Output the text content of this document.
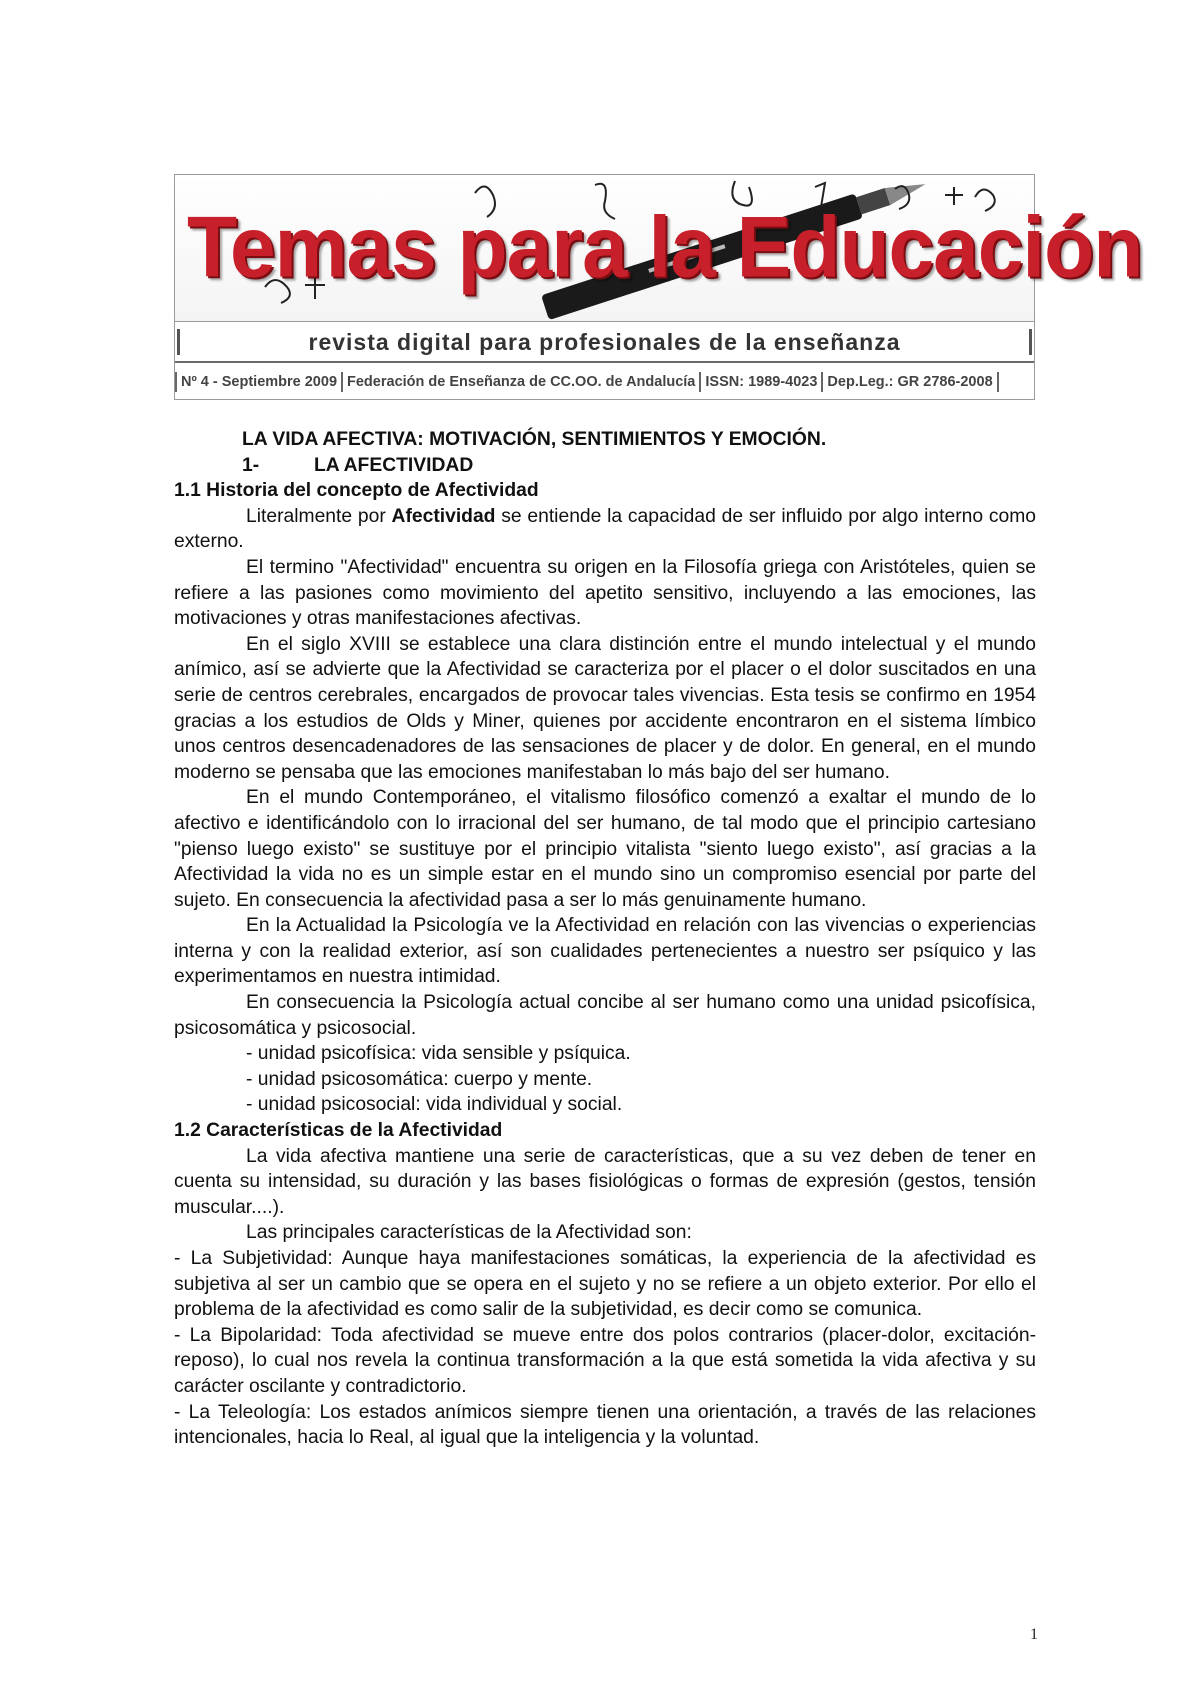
Temas para la Educación
revista digital para profesionales de la enseñanza
Nº 4 - Septiembre 2009 Federación de Enseñanza de CC.OO. de Andalucía ISSN: 1989-4023 Dep.Leg.: GR 2786-2008
LA VIDA AFECTIVA: MOTIVACIÓN, SENTIMIENTOS Y EMOCIÓN.
1-	LA AFECTIVIDAD
1.1 Historia del concepto de Afectividad

Literalmente por Afectividad se entiende la capacidad de ser influido por algo interno como externo.

El termino "Afectividad" encuentra su origen en la Filosofía griega con Aristóteles, quien se refiere a las pasiones como movimiento del apetito sensitivo, incluyendo a las emociones, las motivaciones y otras manifestaciones afectivas.

En el siglo XVIII se establece una clara distinción entre el mundo intelectual y el mundo anímico, así se advierte que la Afectividad se caracteriza por el placer o el dolor suscitados en una serie de centros cerebrales, encargados de provocar tales vivencias. Esta tesis se confirmo en 1954 gracias a los estudios de Olds y Miner, quienes por accidente encontraron en el sistema límbico unos centros desencadenadores de las sensaciones de placer y de dolor. En general, en el mundo moderno se pensaba que las emociones manifestaban lo más bajo del ser humano.

En el mundo Contemporáneo, el vitalismo filosófico comenzó a exaltar el mundo de lo afectivo e identificándolo con lo irracional del ser humano, de tal modo que el principio cartesiano "pienso luego existo" se sustituye por el principio vitalista "siento luego existo", así gracias a la Afectividad la vida no es un simple estar en el mundo sino un compromiso esencial por parte del sujeto. En consecuencia la afectividad pasa a ser lo más genuinamente humano.

En la Actualidad la Psicología ve la Afectividad en relación con las vivencias o experiencias interna y con la realidad exterior, así son cualidades pertenecientes a nuestro ser psíquico y las experimentamos en nuestra intimidad.

En consecuencia la Psicología actual concibe al ser humano como una unidad psicofísica, psicosomática y psicosocial.

- unidad psicofísica: vida sensible y psíquica.

- unidad psicosomática: cuerpo y mente.

- unidad psicosocial: vida individual y social.

1.2 Características de la Afectividad

La vida afectiva mantiene una serie de características, que a su vez deben de tener en cuenta su intensidad, su duración y las bases fisiológicas o formas de expresión (gestos, tensión muscular....).

Las principales características de la Afectividad son:

- La Subjetividad: Aunque haya manifestaciones somáticas, la experiencia de la afectividad es subjetiva al ser un cambio que se opera en el sujeto y no se refiere a un objeto exterior. Por ello el problema de la afectividad es como salir de la subjetividad, es decir como se comunica.

- La Bipolaridad: Toda afectividad se mueve entre dos polos contrarios (placer-dolor, excitación-reposo), lo cual nos revela la continua transformación a la que está sometida la vida afectiva y su carácter oscilante y contradictorio.

- La Teleología: Los estados anímicos siempre tienen una orientación, a través de las relaciones intencionales, hacia lo Real, al igual que la inteligencia y la voluntad.

1
